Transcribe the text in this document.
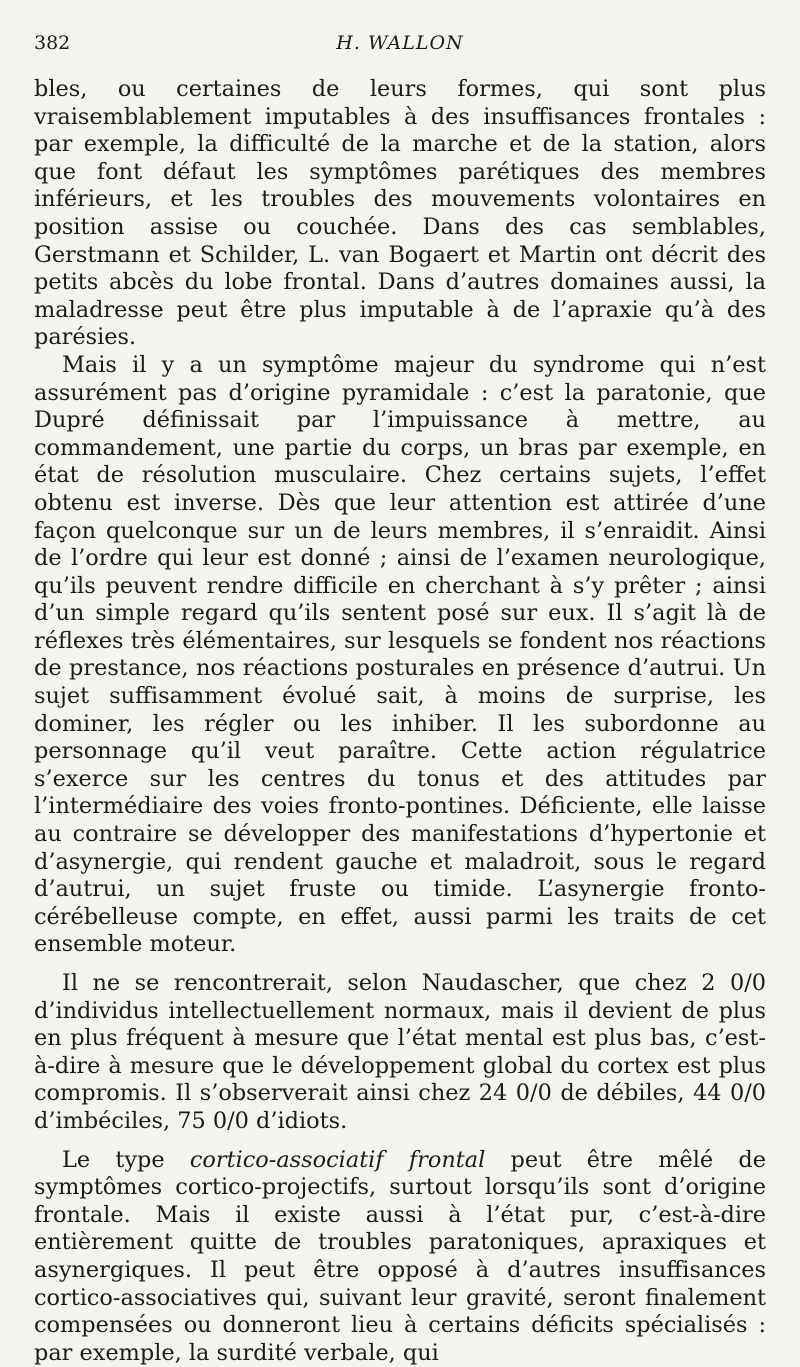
382	H. WALLON

bles, ou certaines de leurs formes, qui sont plus vraisemblablement imputables à des insuffisances frontales : par exemple, la difficulté de la marche et de la station, alors que font défaut les symptômes parétiques des membres inférieurs, et les troubles des mouvements volontaires en position assise ou couchée. Dans des cas semblables, Gerstmann et Schilder, L. van Bogaert et Martin ont décrit des petits abcès du lobe frontal. Dans d’autres domaines aussi, la maladresse peut être plus imputable à de l’apraxie qu’à des parésies.

Mais il y a un symptôme majeur du syndrome qui n’est assurément pas d’origine pyramidale : c’est la paratonie, que Dupré définissait par l’impuissance à mettre, au commandement, une partie du corps, un bras par exemple, en état de résolution musculaire. Chez certains sujets, l’effet obtenu est inverse. Dès que leur attention est attirée d’une façon quelconque sur un de leurs membres, il s’enraidit. Ainsi de l’ordre qui leur est donné ; ainsi de l’examen neurologique, qu’ils peuvent rendre difficile en cherchant à s’y prêter ; ainsi d’un simple regard qu’ils sentent posé sur eux. Il s’agit là de réflexes très élémentaires, sur lesquels se fondent nos réactions de prestance, nos réactions posturales en présence d’autrui. Un sujet suffisamment évolué sait, à moins de surprise, les dominer, les régler ou les inhiber. Il les subordonne au personnage qu’il veut paraître. Cette action régulatrice s’exerce sur les centres du tonus et des attitudes par l’intermédiaire des voies fronto-pontines. Déficiente, elle laisse au contraire se développer des manifestations d’hypertonie et d’asynergie, qui rendent gauche et maladroit, sous le regard d’autrui, un sujet fruste ou timide. L’asynergie fronto-cérébelleuse compte, en effet, aussi parmi les traits de cet ensemble moteur.

Il ne se rencontrerait, selon Naudascher, que chez 2 0/0 d’individus intellectuellement normaux, mais il devient de plus en plus fréquent à mesure que l’état mental est plus bas, c’est-à-dire à mesure que le développement global du cortex est plus compromis. Il s’observerait ainsi chez 24 0/0 de débiles, 44 0/0 d’imbéciles, 75 0/0 d’idiots.

Le type cortico-associatif frontal peut être mêlé de symptômes cortico-projectifs, surtout lorsqu’ils sont d’origine frontale. Mais il existe aussi à l’état pur, c’est-à-dire entièrement quitte de troubles paratoniques, apraxiques et asynergiques. Il peut être opposé à d’autres insuffisances cortico-associatives qui, suivant leur gravité, seront finalement compensées ou donneront lieu à certains déficits spécialisés : par exemple, la surdité verbale, qui
